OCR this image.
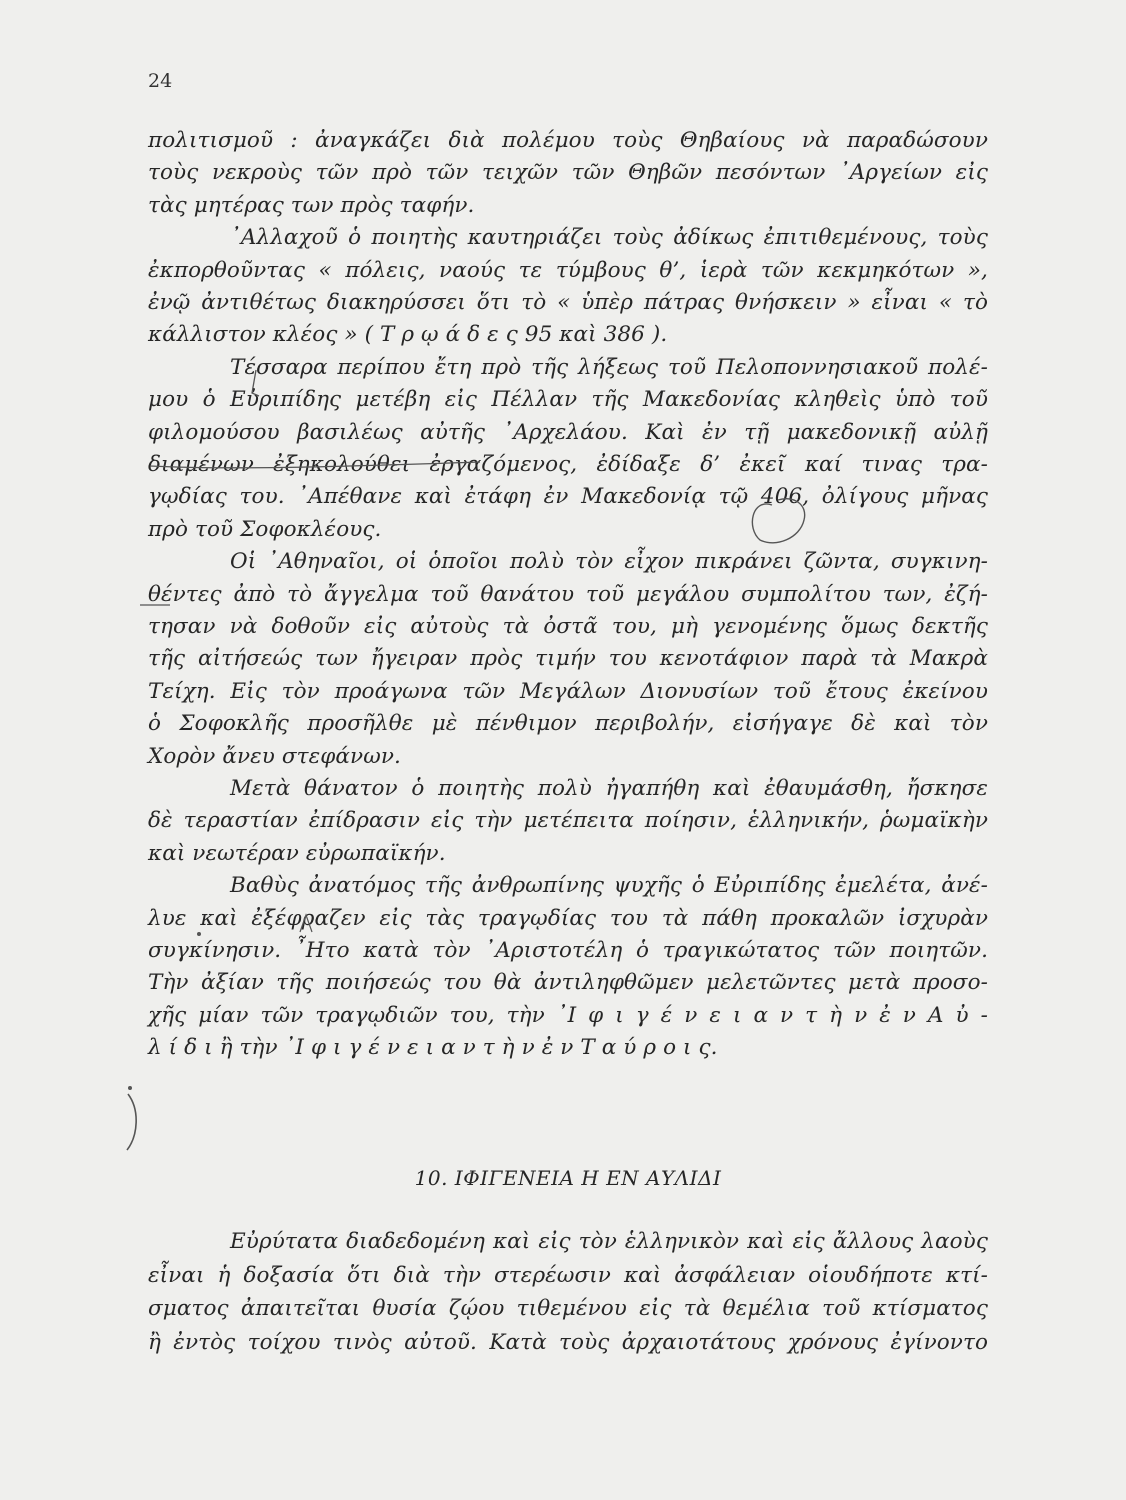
24
πολιτισμοῦ : ἀναγκάζει διὰ πολέμου τοὺς Θηβαίους νὰ παραδώσουν
τοὺς νεκροὺς τῶν πρὸ τῶν τειχῶν τῶν Θηβῶν πεσόντων ᾿Αργείων εἰς
τὰς μητέρας των πρὸς ταφήν.
᾿Αλλαχοῦ ὁ ποιητὴς καυτηριάζει τοὺς ἀδίκως ἐπιτιθεμένους, τοὺς
ἐκπορθοῦντας « πόλεις, ναούς τε τύμβους θ’, ἱερὰ τῶν κεκμηκότων »,
ἐνῷ ἀντιθέτως διακηρύσσει ὅτι τὸ « ὑπὲρ πάτρας θνήσκειν » εἶναι « τὸ
κάλλιστον κλέος » ( Τ ρ ῳ ά δ ε ς 95 καὶ 386 ).
Τέσσαρα περίπου ἔτη πρὸ τῆς λήξεως τοῦ Πελοποννησιακοῦ πολέ-
μου ὁ Εὐριπίδης μετέβη εἰς Πέλλαν τῆς Μακεδονίας κληθεὶς ὑπὸ τοῦ
φιλομούσου βασιλέως αὐτῆς ᾿Αρχελάου. Καὶ ἐν τῇ μακεδονικῇ αὐλῇ
διαμένων ἐξηκολούθει ἐργαζόμενος, ἐδίδαξε δ’ ἐκεῖ καί τινας τρα-
γῳδίας του. ᾿Απέθανε καὶ ἐτάφη ἐν Μακεδονίᾳ τῷ 406, ὀλίγους μῆνας
πρὸ τοῦ Σοφοκλέους.
Οἱ ᾿Αθηναῖοι, οἱ ὁποῖοι πολὺ τὸν εἶχον πικράνει ζῶντα, συγκινη-
θέντες ἀπὸ τὸ ἄγγελμα τοῦ θανάτου τοῦ μεγάλου συμπολίτου των, ἐζή-
τησαν νὰ δοθοῦν εἰς αὐτοὺς τὰ ὀστᾶ του, μὴ γενομένης ὅμως δεκτῆς
τῆς αἰτήσεώς των ἤγειραν πρὸς τιμήν του κενοτάφιον παρὰ τὰ Μακρὰ
Τείχη. Εἰς τὸν προάγωνα τῶν Μεγάλων Διονυσίων τοῦ ἔτους ἐκείνου
ὁ Σοφοκλῆς προσῆλθε μὲ πένθιμον περιβολήν, εἰσήγαγε δὲ καὶ τὸν
Χορὸν ἄνευ στεφάνων.
Μετὰ θάνατον ὁ ποιητὴς πολὺ ἠγαπήθη καὶ ἐθαυμάσθη, ἤσκησε
δὲ τεραστίαν ἐπίδρασιν εἰς τὴν μετέπειτα ποίησιν, ἑλληνικήν, ῥωμαϊκὴν
καὶ νεωτέραν εὐρωπαϊκήν.
Βαθὺς ἀνατόμος τῆς ἀνθρωπίνης ψυχῆς ὁ Εὐριπίδης ἐμελέτα, ἀνέ-
λυε καὶ ἐξέφραζεν εἰς τὰς τραγῳδίας του τὰ πάθη προκαλῶν ἰσχυρὰν
συγκίνησιν. ῏Ητο κατὰ τὸν ᾿Αριστοτέλη ὁ τραγικώτατος τῶν ποιητῶν.
Τὴν ἀξίαν τῆς ποιήσεώς του θὰ ἀντιληφθῶμεν μελετῶντες μετὰ προσο-
χῆς μίαν τῶν τραγῳδιῶν του, τὴν ᾿Ι φ ι γ έ ν ε ι α ν τ ὴ ν ἐ ν Α ὐ -
λ ί δ ι ἢ τὴν ᾿Ι φ ι γ έ ν ε ι α ν τ ὴ ν ἐ ν Τ α ύ ρ ο ι ς.
10. ΙΦΙΓΕΝΕΙΑ Η ΕΝ ΑΥΛΙΔΙ
Εὐρύτατα διαδεδομένη καὶ εἰς τὸν ἑλληνικὸν καὶ εἰς ἄλλους λαοὺς
εἶναι ἡ δοξασία ὅτι διὰ τὴν στερέωσιν καὶ ἀσφάλειαν οἱουδήποτε κτί-
σματος ἀπαιτεῖται θυσία ζῴου τιθεμένου εἰς τὰ θεμέλια τοῦ κτίσματος
ἢ ἐντὸς τοίχου τινὸς αὐτοῦ. Κατὰ τοὺς ἀρχαιοτάτους χρόνους ἐγίνοντο
